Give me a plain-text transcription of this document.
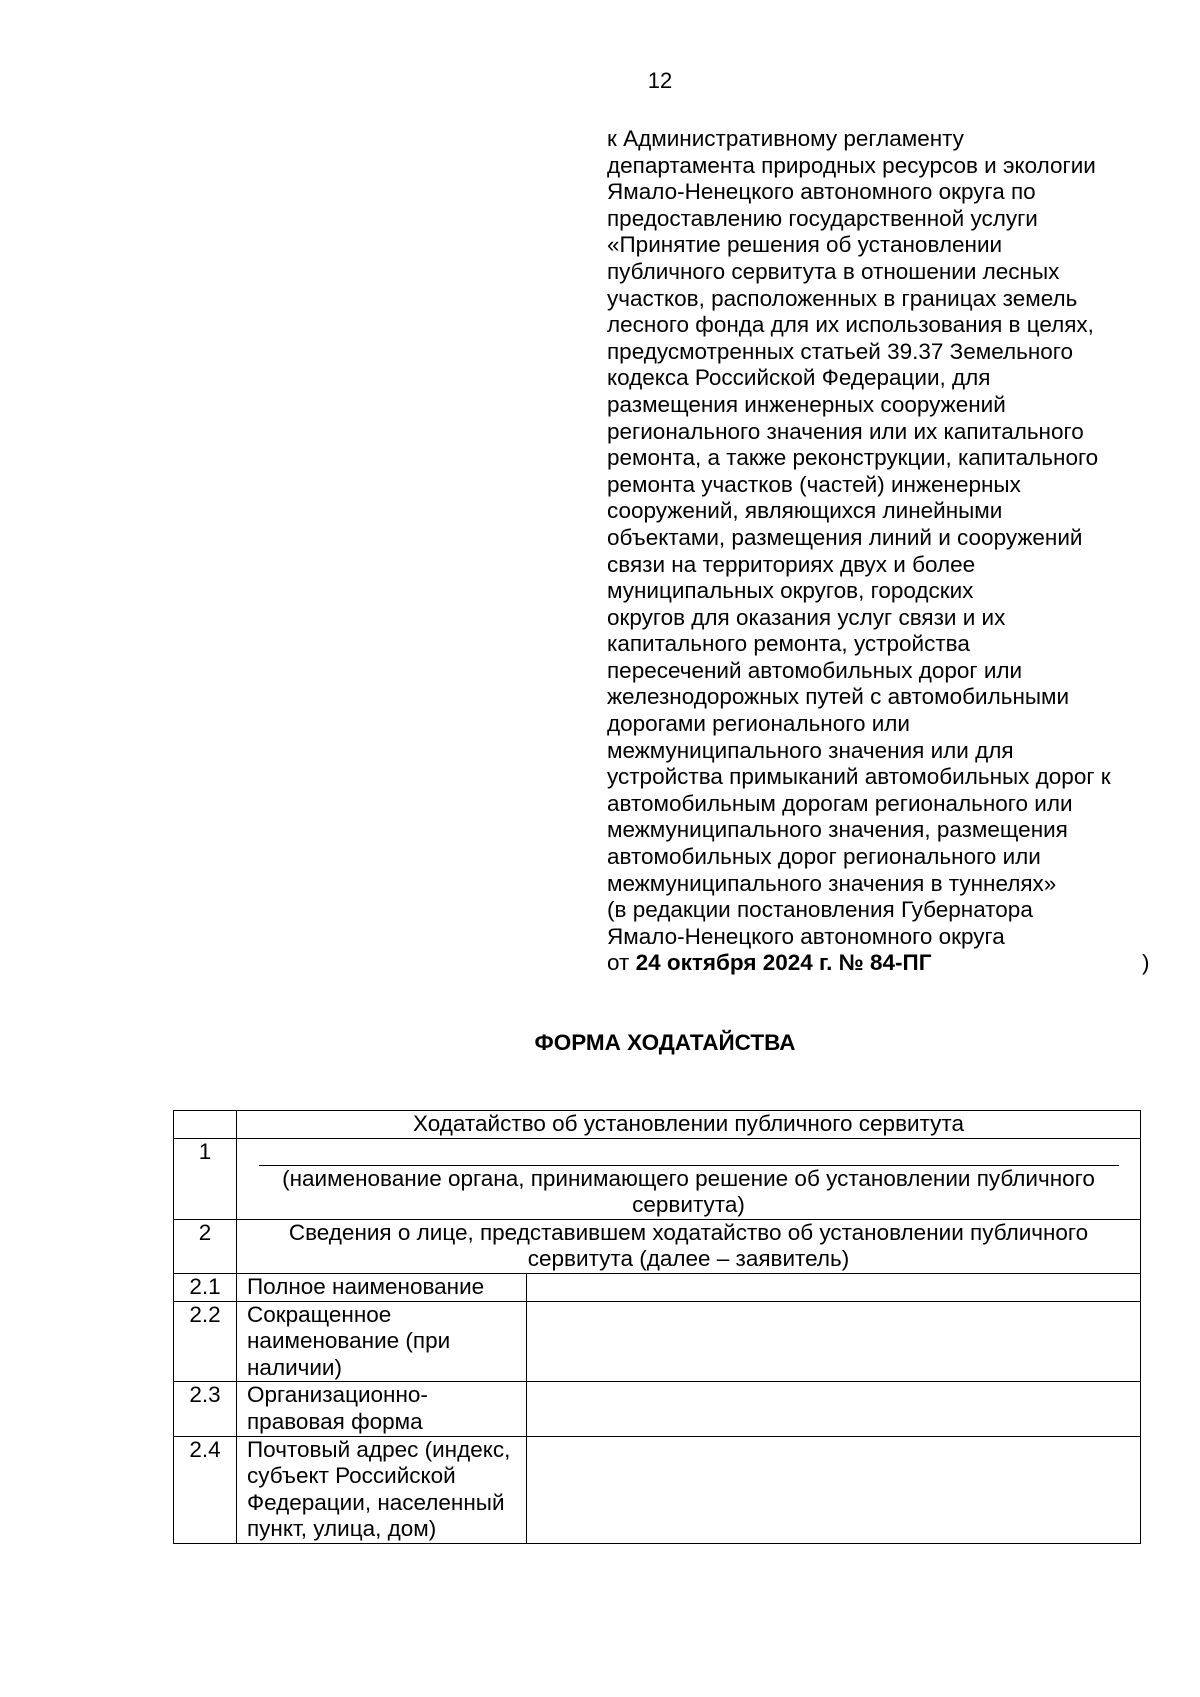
12
к Административному регламенту
департамента природных ресурсов и экологии
Ямало-Ненецкого автономного округа по
предоставлению государственной услуги
«Принятие решения об установлении
публичного сервитута в отношении лесных
участков, расположенных в границах земель
лесного фонда для их использования в целях,
предусмотренных статьей 39.37 Земельного
кодекса Российской Федерации, для
размещения инженерных сооружений
регионального значения или их капитального
ремонта, а также реконструкции, капитального
ремонта участков (частей) инженерных
сооружений, являющихся линейными
объектами, размещения линий и сооружений
связи на территориях двух и более
муниципальных округов, городских
округов для оказания услуг связи и их
капитального ремонта, устройства
пересечений автомобильных дорог или
железнодорожных путей с автомобильными
дорогами регионального или
межмуниципального значения или для
устройства примыканий автомобильных дорог к
автомобильным дорогам регионального или
межмуниципального значения, размещения
автомобильных дорог регионального или
межмуниципального значения в туннелях»
(в редакции постановления Губернатора
Ямало-Ненецкого автономного округа
от 24 октября 2024 г. № 84-ПГ	)
ФОРМА ХОДАТАЙСТВА
	Ходатайство об установлении публичного сервитута	
1	(наименование органа, принимающего решение об установлении публичного сервитута)	

2	Сведения о лице, представившем ходатайство об установлении публичного сервитута (далее – заявитель)	
2.1	Полное наименование	
2.2	Сокращенное наименование (при наличии)	
2.3	Организационно-правовая форма	
2.4	Почтовый адрес (индекс, субъект Российской Федерации, населенный пункт, улица, дом)	
